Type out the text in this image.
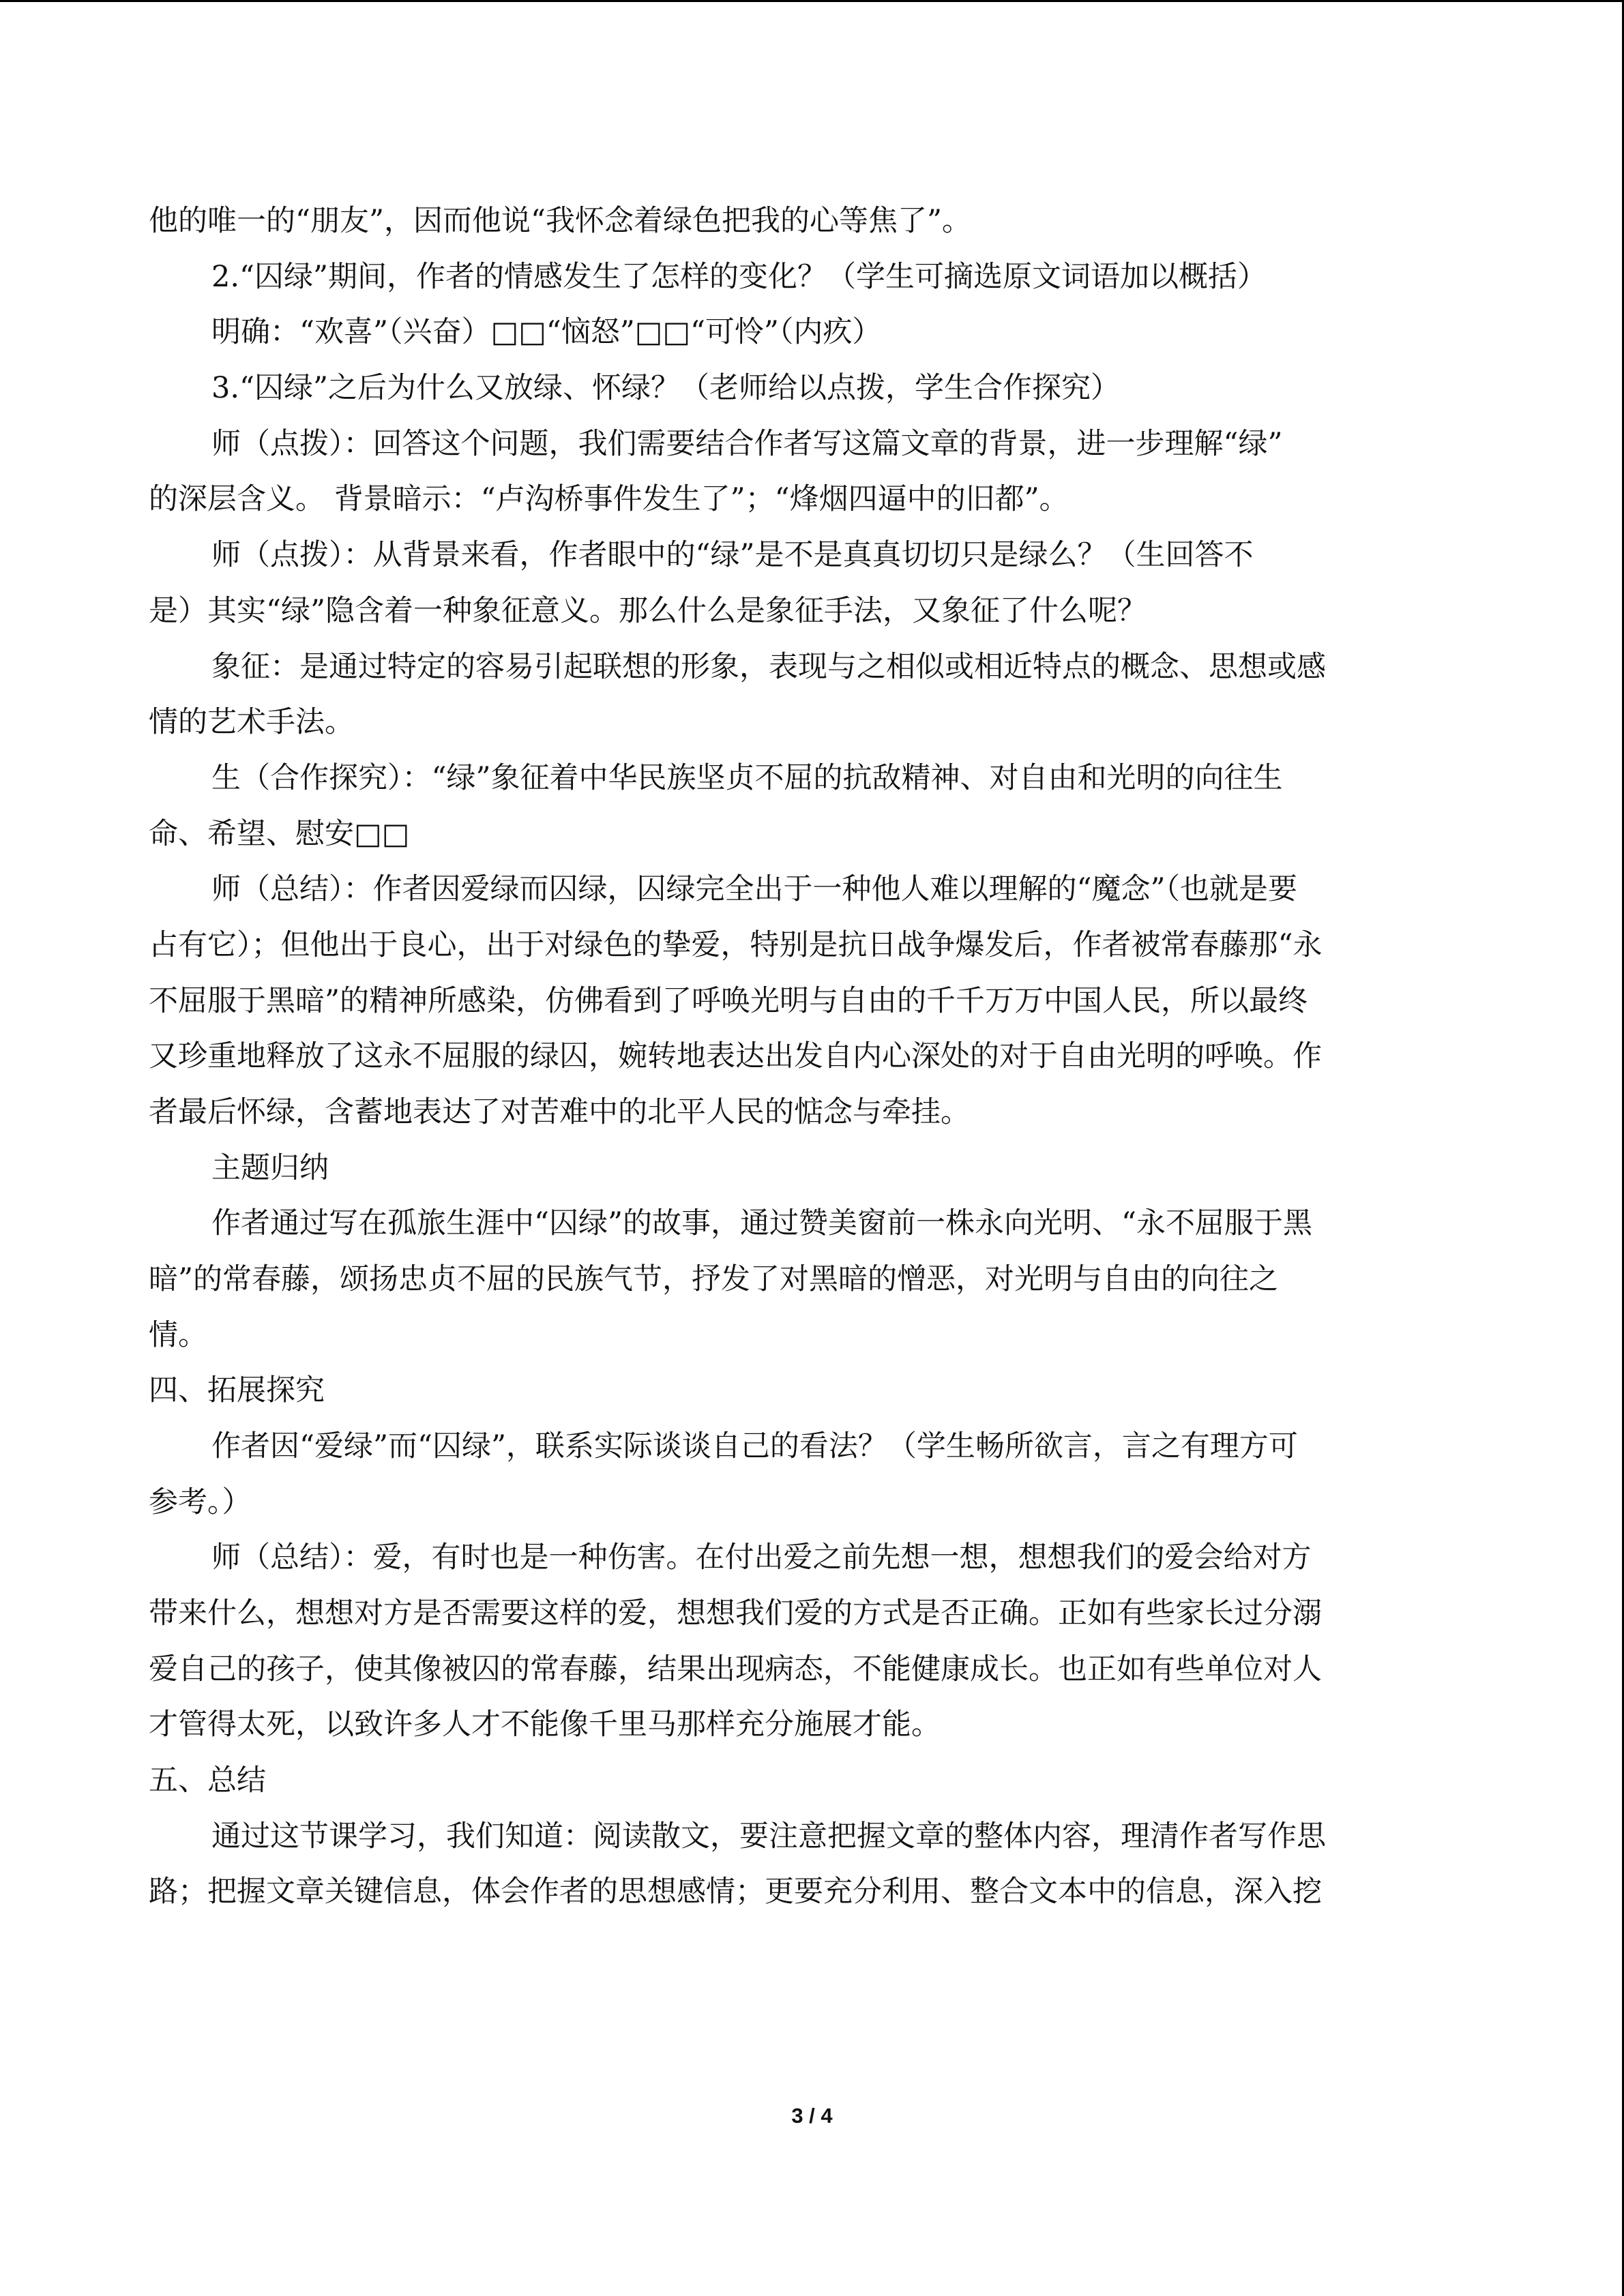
他的唯一的“朋友”，因而他说“我怀念着绿色把我的心等焦了”。
2.“囚绿”期间，作者的情感发生了怎样的变化？（学生可摘选原文词语加以概括）
明确：“欢喜”（兴奋）□□“恼怒”□□“可怜”（内疚）
3.“囚绿”之后为什么又放绿、怀绿？（老师给以点拨，学生合作探究）
师（点拨）：回答这个问题，我们需要结合作者写这篇文章的背景，进一步理解“绿”
的深层含义。 背景暗示：“卢沟桥事件发生了”；“烽烟四逼中的旧都”。
师（点拨）：从背景来看，作者眼中的“绿”是不是真真切切只是绿么？（生回答不
是）其实“绿”隐含着一种象征意义。那么什么是象征手法，又象征了什么呢？
象征：是通过特定的容易引起联想的形象，表现与之相似或相近特点的概念、思想或感
情的艺术手法。
生（合作探究）：“绿”象征着中华民族坚贞不屈的抗敌精神、对自由和光明的向往生
命、希望、慰安□□
师（总结）：作者因爱绿而囚绿，囚绿完全出于一种他人难以理解的“魔念”（也就是要
占有它）；但他出于良心，出于对绿色的挚爱，特别是抗日战争爆发后，作者被常春藤那“永
不屈服于黑暗”的精神所感染，仿佛看到了呼唤光明与自由的千千万万中国人民，所以最终
又珍重地释放了这永不屈服的绿囚，婉转地表达出发自内心深处的对于自由光明的呼唤。作
者最后怀绿，含蓄地表达了对苦难中的北平人民的惦念与牵挂。
主题归纳
作者通过写在孤旅生涯中“囚绿”的故事，通过赞美窗前一株永向光明、“永不屈服于黑
暗”的常春藤，颂扬忠贞不屈的民族气节，抒发了对黑暗的憎恶，对光明与自由的向往之
情。
四、拓展探究
作者因“爱绿”而“囚绿”，联系实际谈谈自己的看法？（学生畅所欲言，言之有理方可
参考。）
师（总结）：爱，有时也是一种伤害。在付出爱之前先想一想，想想我们的爱会给对方
带来什么，想想对方是否需要这样的爱，想想我们爱的方式是否正确。正如有些家长过分溺
爱自己的孩子，使其像被囚的常春藤，结果出现病态，不能健康成长。也正如有些单位对人
才管得太死，以致许多人才不能像千里马那样充分施展才能。
五、总结
通过这节课学习，我们知道：阅读散文，要注意把握文章的整体内容，理清作者写作思
路；把握文章关键信息，体会作者的思想感情；更要充分利用、整合文本中的信息，深入挖
3 / 4
